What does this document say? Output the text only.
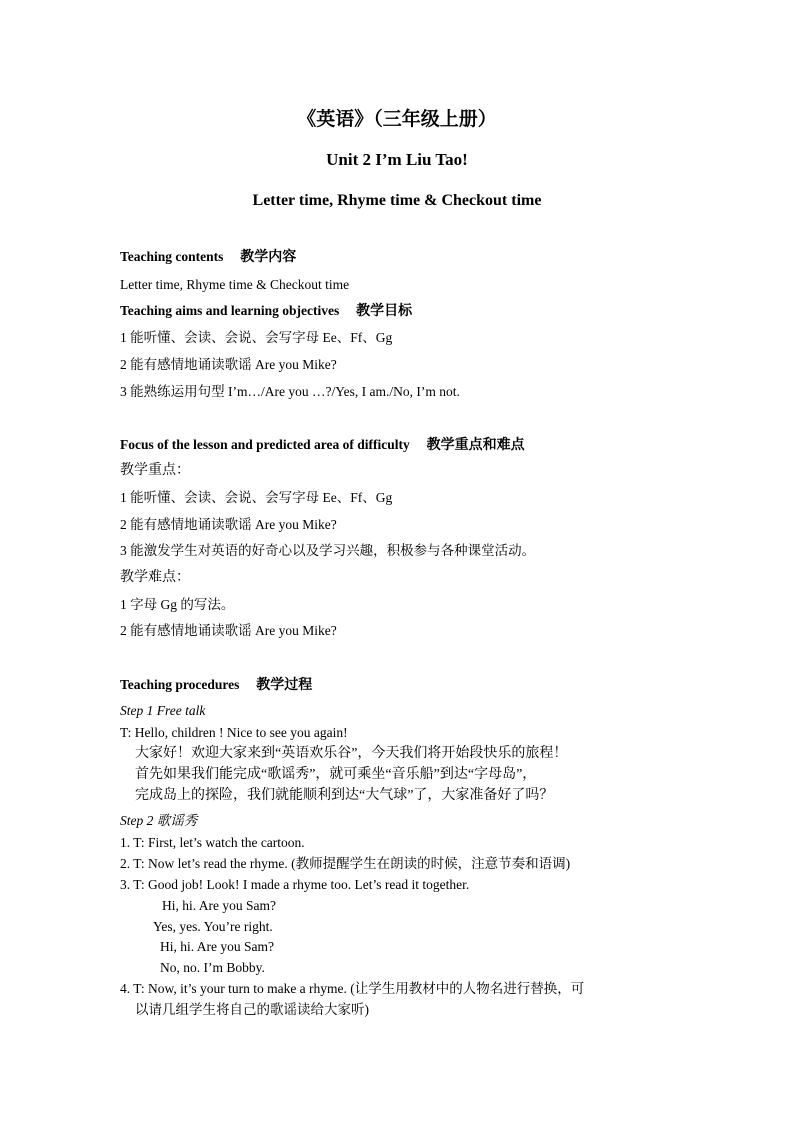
《英语》（三年级上册）
Unit 2 I’m Liu Tao!
Letter time, Rhyme time & Checkout time
Teaching contents 教学内容
Letter time, Rhyme time & Checkout time
Teaching aims and learning objectives 教学目标
1 能听懂、会读、会说、会写字母 Ee、Ff、Gg
2 能有感情地诵读歌谣 Are you Mike?
3 能熟练运用句型 I’m…/Are you …?/Yes, I am./No, I’m not.
Focus of the lesson and predicted area of difficulty 教学重点和难点
教学重点：
1 能听懂、会读、会说、会写字母 Ee、Ff、Gg
2 能有感情地诵读歌谣 Are you Mike?
3 能激发学生对英语的好奇心以及学习兴趣，积极参与各种课堂活动。
教学难点：
1 字母 Gg 的写法。
2 能有感情地诵读歌谣 Are you Mike?
Teaching procedures 教学过程
Step 1 Free talk
T: Hello, children ! Nice to see you again!
大家好！欢迎大家来到“英语欢乐谷”，今天我们将开始段快乐的旅程！
首先如果我们能完成“歌谣秀”，就可乘坐“音乐船”到达“字母岛”，
完成岛上的探险，我们就能顺利到达“大气球”了，大家准备好了吗？
Step 2 歌谣秀
1. T: First, let’s watch the cartoon.
2. T: Now let’s read the rhyme. (教师提醒学生在朗读的时候，注意节奏和语调)
3. T: Good job! Look! I made a rhyme too. Let’s read it together.
Hi, hi. Are you Sam?
Yes, yes. You’re right.
Hi, hi. Are you Sam?
No, no. I’m Bobby.
4. T: Now, it’s your turn to make a rhyme. (让学生用教材中的人物名进行替换，可
以请几组学生将自己的歌谣读给大家听)
